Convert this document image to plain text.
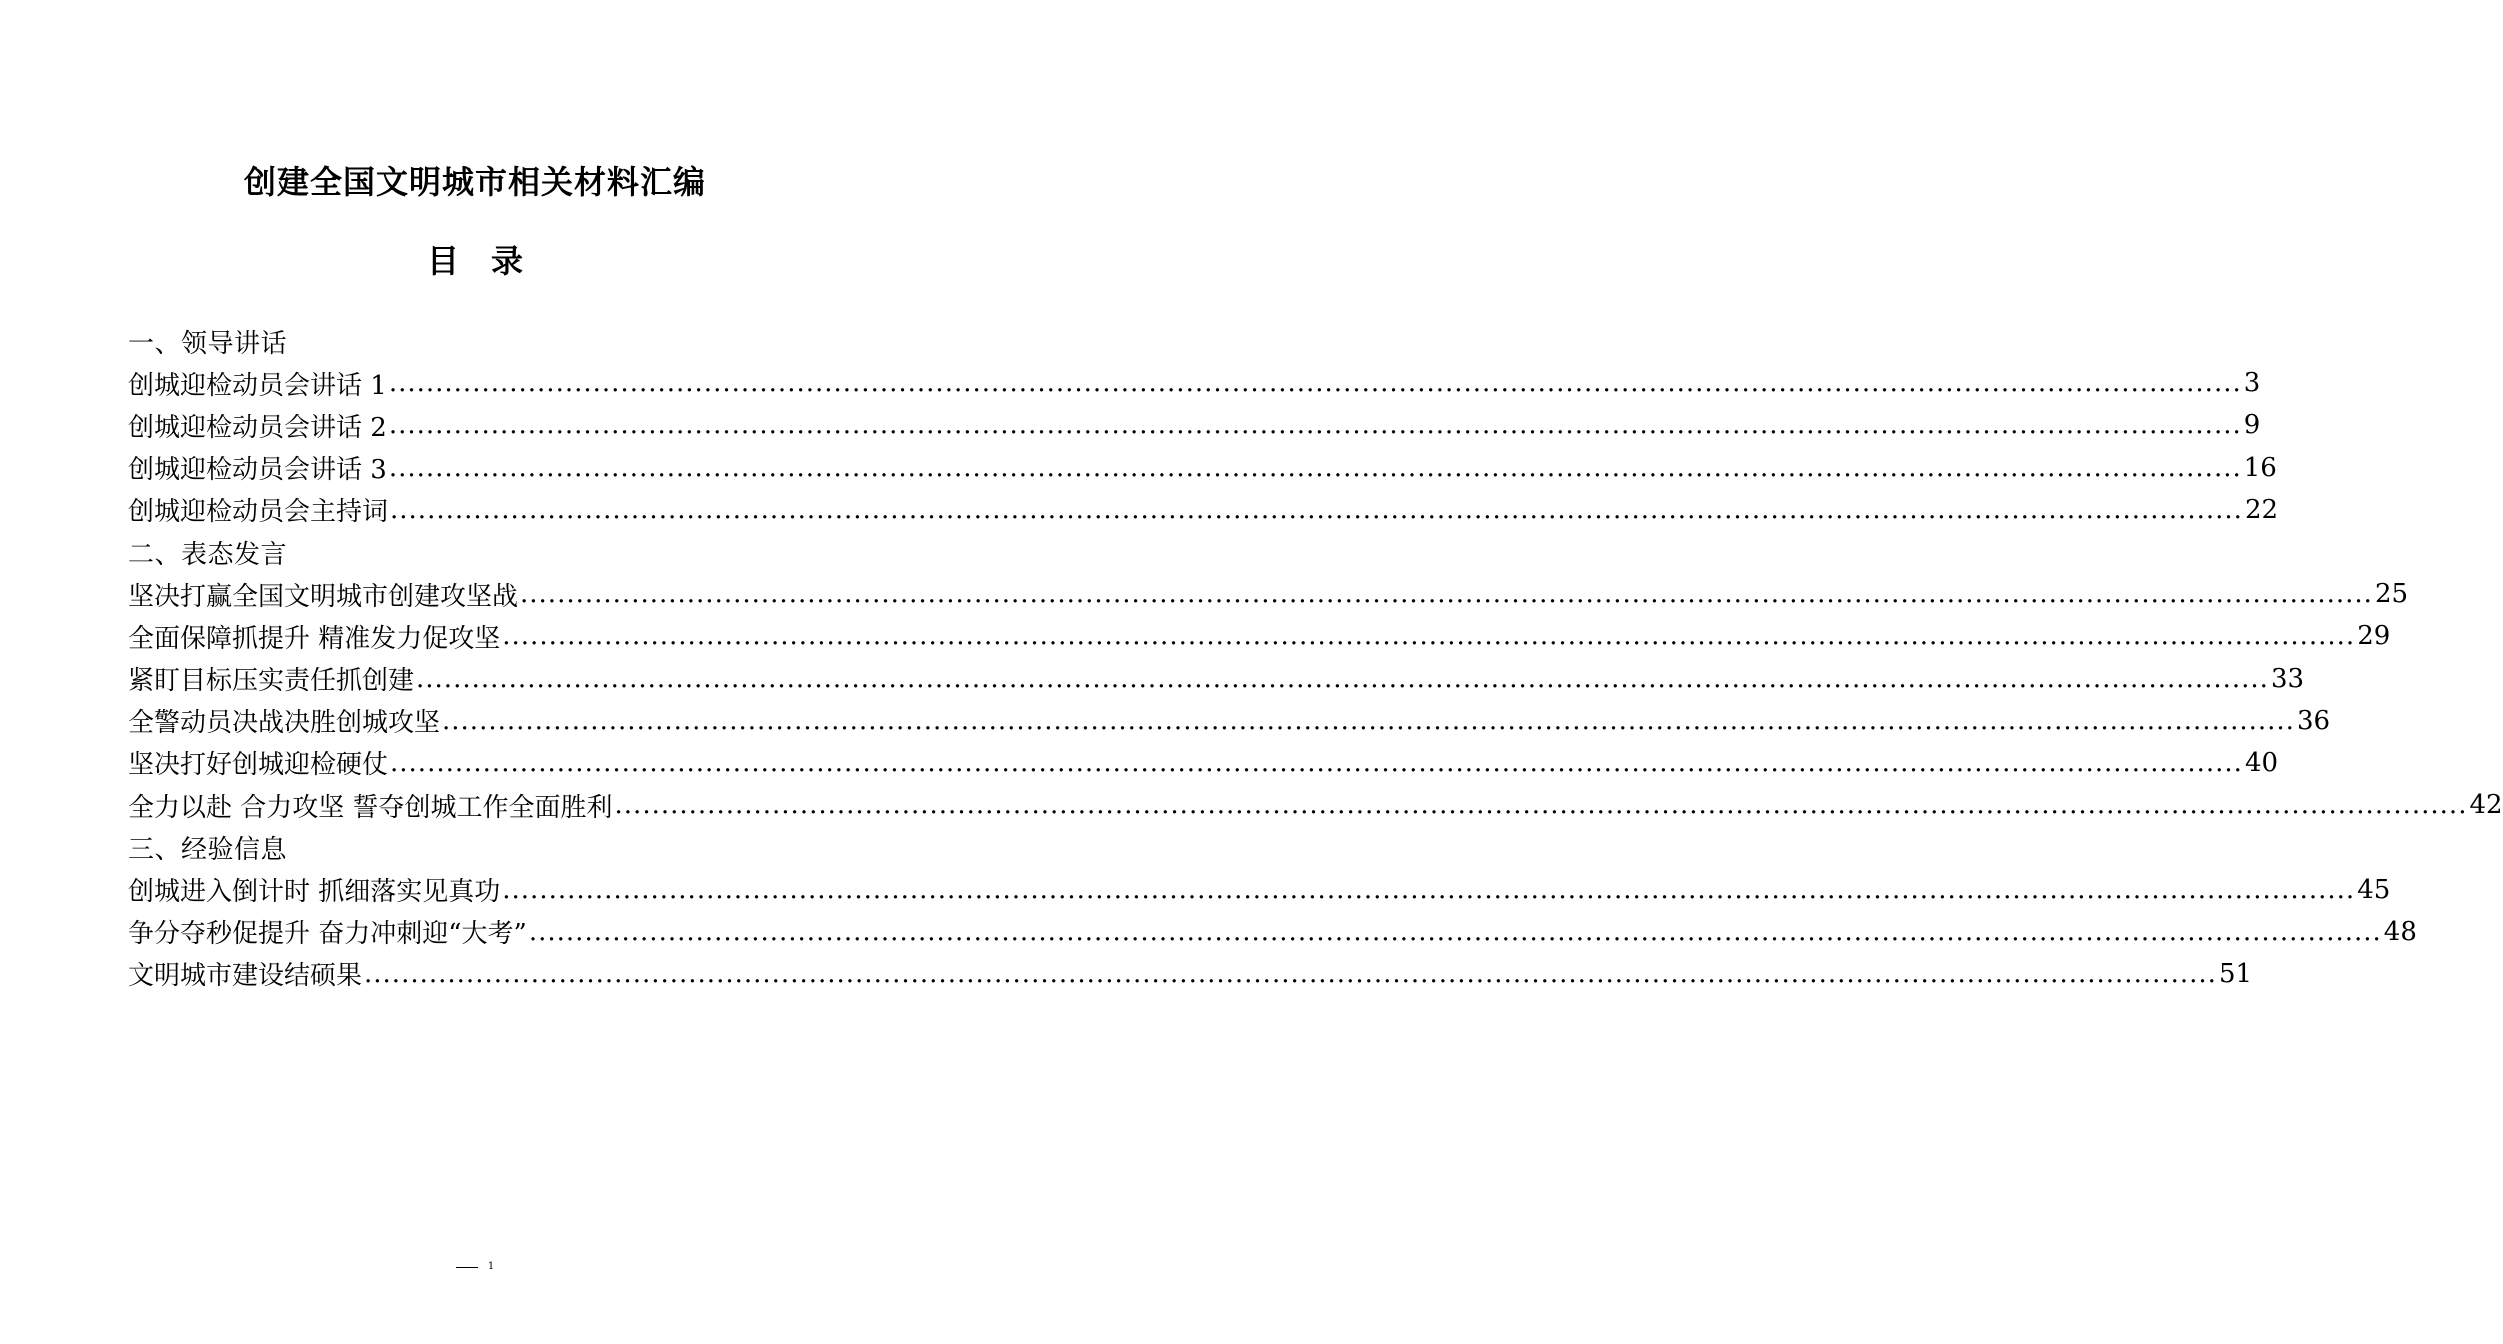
创建全国文明城市相关材料汇编
目 录
一、领导讲话
创城迎检动员会讲话 1 ........................................................................................................................................................................................................ 3
创城迎检动员会讲话 2 ........................................................................................................................................................................................................ 9
创城迎检动员会讲话 3 ........................................................................................................................................................................................................ 16
创城迎检动员会主持词 ........................................................................................................................................................................................................ 22
二、表态发言
坚决打赢全国文明城市创建攻坚战 ........................................................................................................................................................................................................ 25
全面保障抓提升 精准发力促攻坚 ........................................................................................................................................................................................................ 29
紧盯目标压实责任抓创建 ........................................................................................................................................................................................................ 33
全警动员决战决胜创城攻坚 ........................................................................................................................................................................................................ 36
坚决打好创城迎检硬仗 ........................................................................................................................................................................................................ 40
全力以赴 合力攻坚 誓夺创城工作全面胜利 ........................................................................................................................................................................................................ 42
三、经验信息
创城进入倒计时 抓细落实见真功 ........................................................................................................................................................................................................ 45
争分夺秒促提升 奋力冲刺迎“大考” ........................................................................................................................................................................................................ 48
文明城市建设结硕果 ........................................................................................................................................................................................................ 51
$^1$
